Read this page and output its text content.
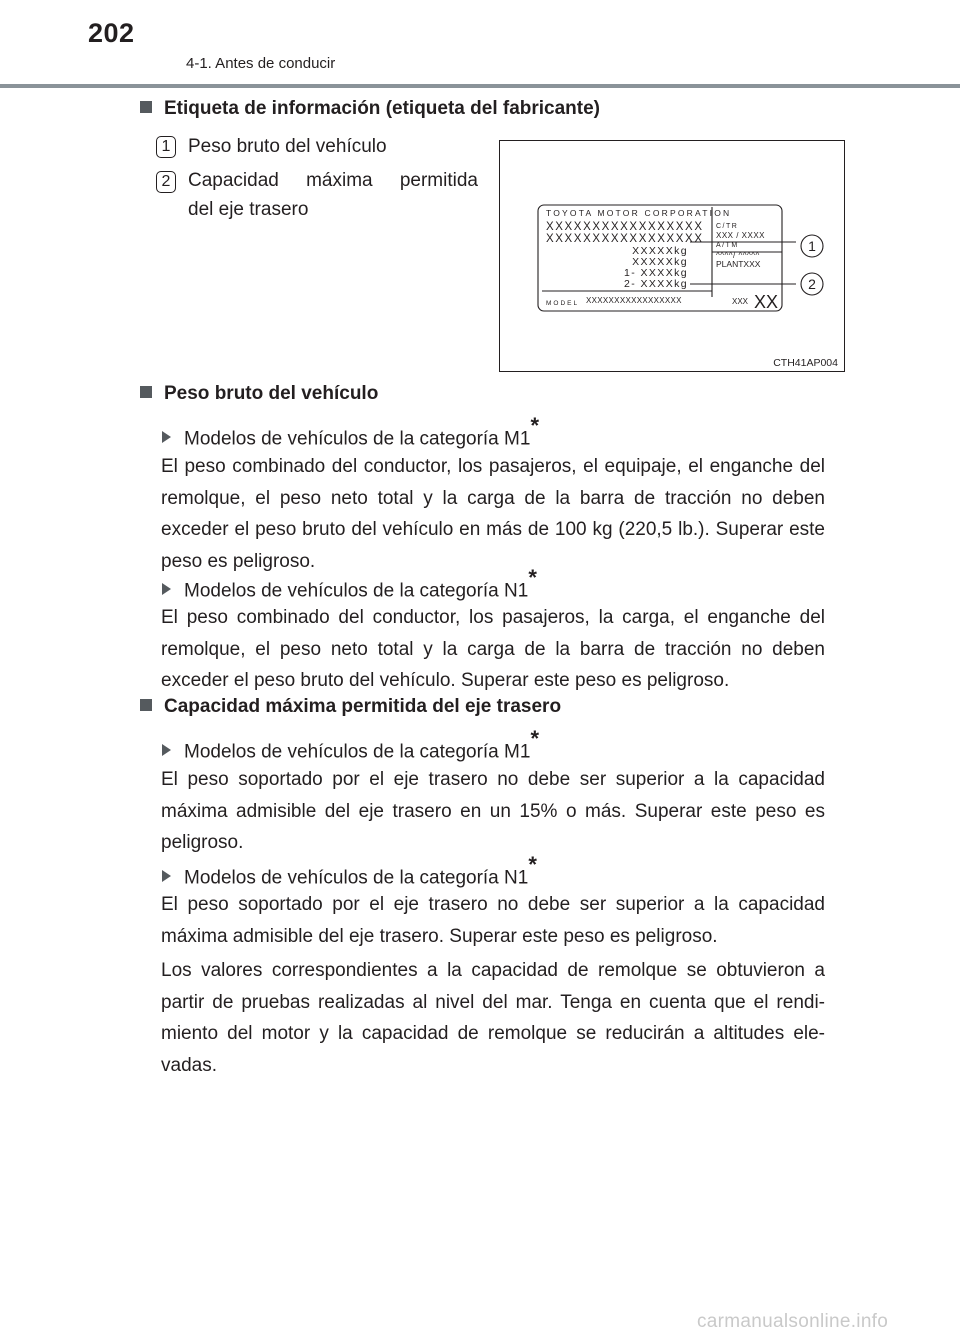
202
4-1. Antes de conducir
Etiqueta de información (etiqueta del fabricante)
1 Peso bruto del vehículo
2 Capacidad máxima permitida
del eje trasero	TOYOTA MOTOR CORPORATION
XXXXXXXXXXXXXXXXX
XXXXXXXXXXXXXXXXX
XXXXXkg
XXXXXkg
1- XXXXkg
2- XXXXkg
C/TR
XXX / XXXX
A/TM
^^^^/ ^^^^^
PLANTXXX
MODEL XXXXXXXXXXXXXXXXX	XXX XX
1
2
CTH41AP004
Peso bruto del vehículo
Modelos de vehículos de la categoría M1*
El peso combinado del conductor, los pasajeros, el equipaje, el enganche del remolque, el peso neto total y la carga de la barra de tracción no deben exceder el peso bruto del vehículo en más de 100 kg (220,5 lb.). Superar este peso es peligroso.
Modelos de vehículos de la categoría N1*
El peso combinado del conductor, los pasajeros, la carga, el enganche del remolque, el peso neto total y la carga de la barra de tracción no deben exceder el peso bruto del vehículo. Superar este peso es peligroso.
Capacidad máxima permitida del eje trasero
Modelos de vehículos de la categoría M1*
El peso soportado por el eje trasero no debe ser superior a la capacidad máxima admisible del eje trasero en un 15% o más. Superar este peso es peligroso.
Modelos de vehículos de la categoría N1*
El peso soportado por el eje trasero no debe ser superior a la capacidad máxima admisible del eje trasero. Superar este peso es peligroso.
Los valores correspondientes a la capacidad de remolque se obtuvieron a partir de pruebas realizadas al nivel del mar. Tenga en cuenta que el rendi- miento del motor y la capacidad de remolque se reducirán a altitudes ele- vadas.
carmanualsonline.info
